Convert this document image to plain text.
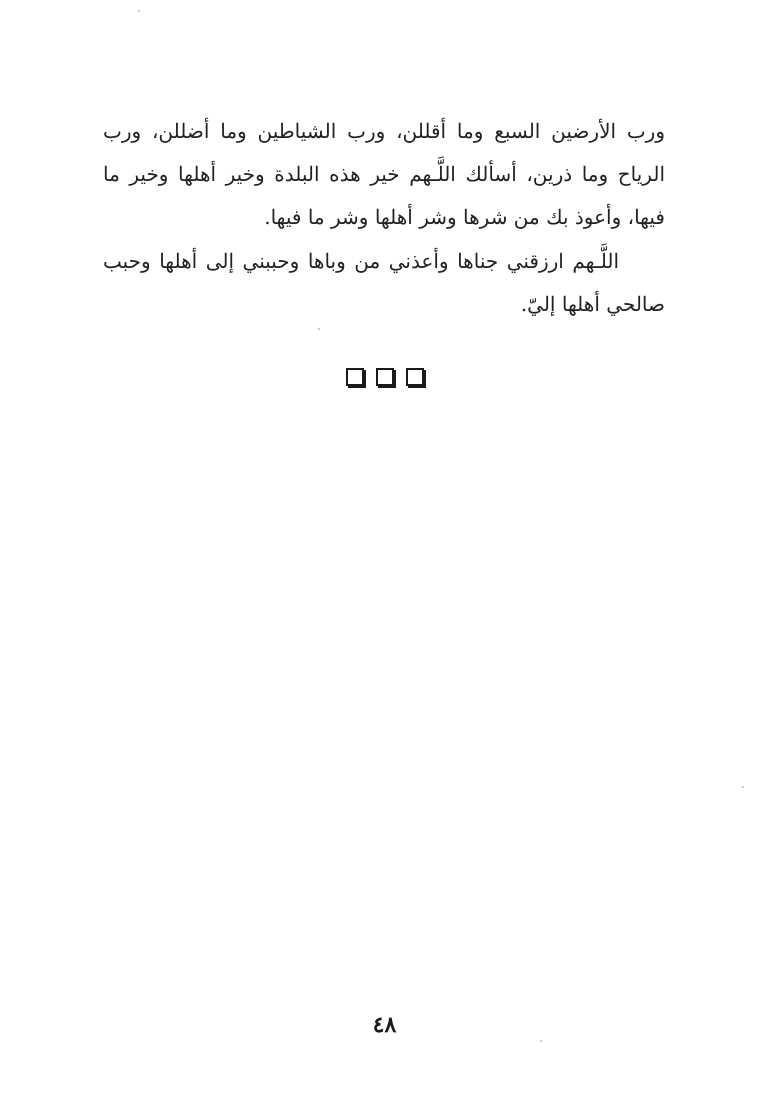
ورب الأرضين السبع وما أقللن، ورب الشياطين وما أضللن، ورب الرياح وما ذرين، أسألك اللَّـهم خير هذه البلدة وخير أهلها وخير ما فيها، وأعوذ بك من شرها وشر أهلها وشر ما فيها.

اللَّـهم ارزقني جناها وأعذني من وباها وحببني إلى أهلها وحبب صالحي أهلها إليّ.

٤٨
